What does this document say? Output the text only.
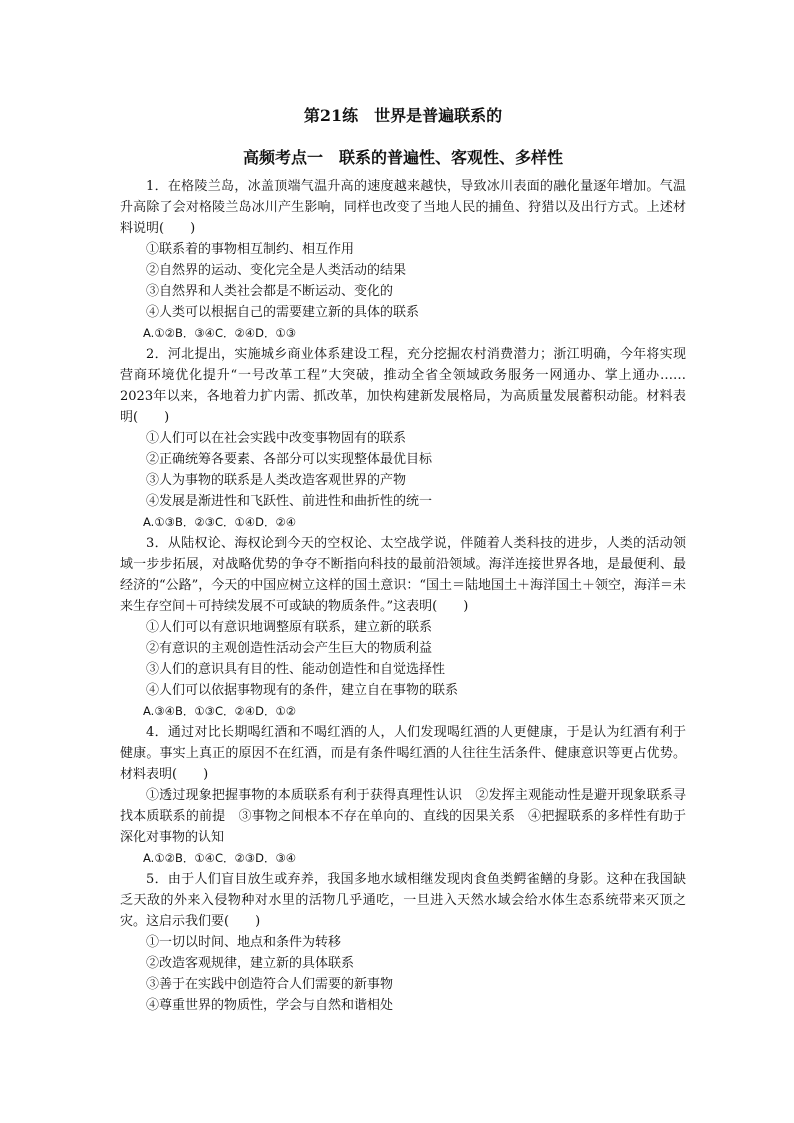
第21练　世界是普遍联系的
高频考点一　联系的普遍性、客观性、多样性

1．在格陵兰岛，冰盖顶端气温升高的速度越来越快，导致冰川表面的融化量逐年增加。气温升高除了会对格陵兰岛冰川产生影响，同样也改变了当地人民的捕鱼、狩猎以及出行方式。上述材料说明(　　)

①联系着的事物相互制约、相互作用

②自然界的运动、变化完全是人类活动的结果

③自然界和人类社会都是不断运动、变化的

④人类可以根据自己的需要建立新的具体的联系

A.①②B．③④C．②④D．①③

2．河北提出，实施城乡商业体系建设工程，充分挖掘农村消费潜力；浙江明确，今年将实现营商环境优化提升“一号改革工程”大突破，推动全省全领域政务服务一网通办、掌上通办……2023年以来，各地着力扩内需、抓改革，加快构建新发展格局，为高质量发展蓄积动能。材料表明(　　)

①人们可以在社会实践中改变事物固有的联系

②正确统筹各要素、各部分可以实现整体最优目标

③人为事物的联系是人类改造客观世界的产物

④发展是渐进性和飞跃性、前进性和曲折性的统一

A.①③B．②③C．①④D．②④

3．从陆权论、海权论到今天的空权论、太空战学说，伴随着人类科技的进步，人类的活动领域一步步拓展，对战略优势的争夺不断指向科技的最前沿领域。海洋连接世界各地，是最便利、最经济的“公路”，今天的中国应树立这样的国土意识：“国土＝陆地国土＋海洋国土＋领空，海洋＝未来生存空间＋可持续发展不可或缺的物质条件。”这表明(　　)

①人们可以有意识地调整原有联系，建立新的联系

②有意识的主观创造性活动会产生巨大的物质利益

③人们的意识具有目的性、能动创造性和自觉选择性

④人们可以依据事物现有的条件，建立自在事物的联系

A.③④B．①③C．②④D．①②

4．通过对比长期喝红酒和不喝红酒的人，人们发现喝红酒的人更健康，于是认为红酒有利于健康。事实上真正的原因不在红酒，而是有条件喝红酒的人往往生活条件、健康意识等更占优势。材料表明(　　)

①透过现象把握事物的本质联系有利于获得真理性认识　②发挥主观能动性是避开现象联系寻找本质联系的前提　③事物之间根本不存在单向的、直线的因果关系　④把握联系的多样性有助于深化对事物的认知

A.①②B．①④C．②③D．③④

5．由于人们盲目放生或弃养，我国多地水域相继发现肉食鱼类鳄雀鳝的身影。这种在我国缺乏天敌的外来入侵物种对水里的活物几乎通吃，一旦进入天然水域会给水体生态系统带来灭顶之灾。这启示我们要(　　)

①一切以时间、地点和条件为转移

②改造客观规律，建立新的具体联系

③善于在实践中创造符合人们需要的新事物

④尊重世界的物质性，学会与自然和谐相处
